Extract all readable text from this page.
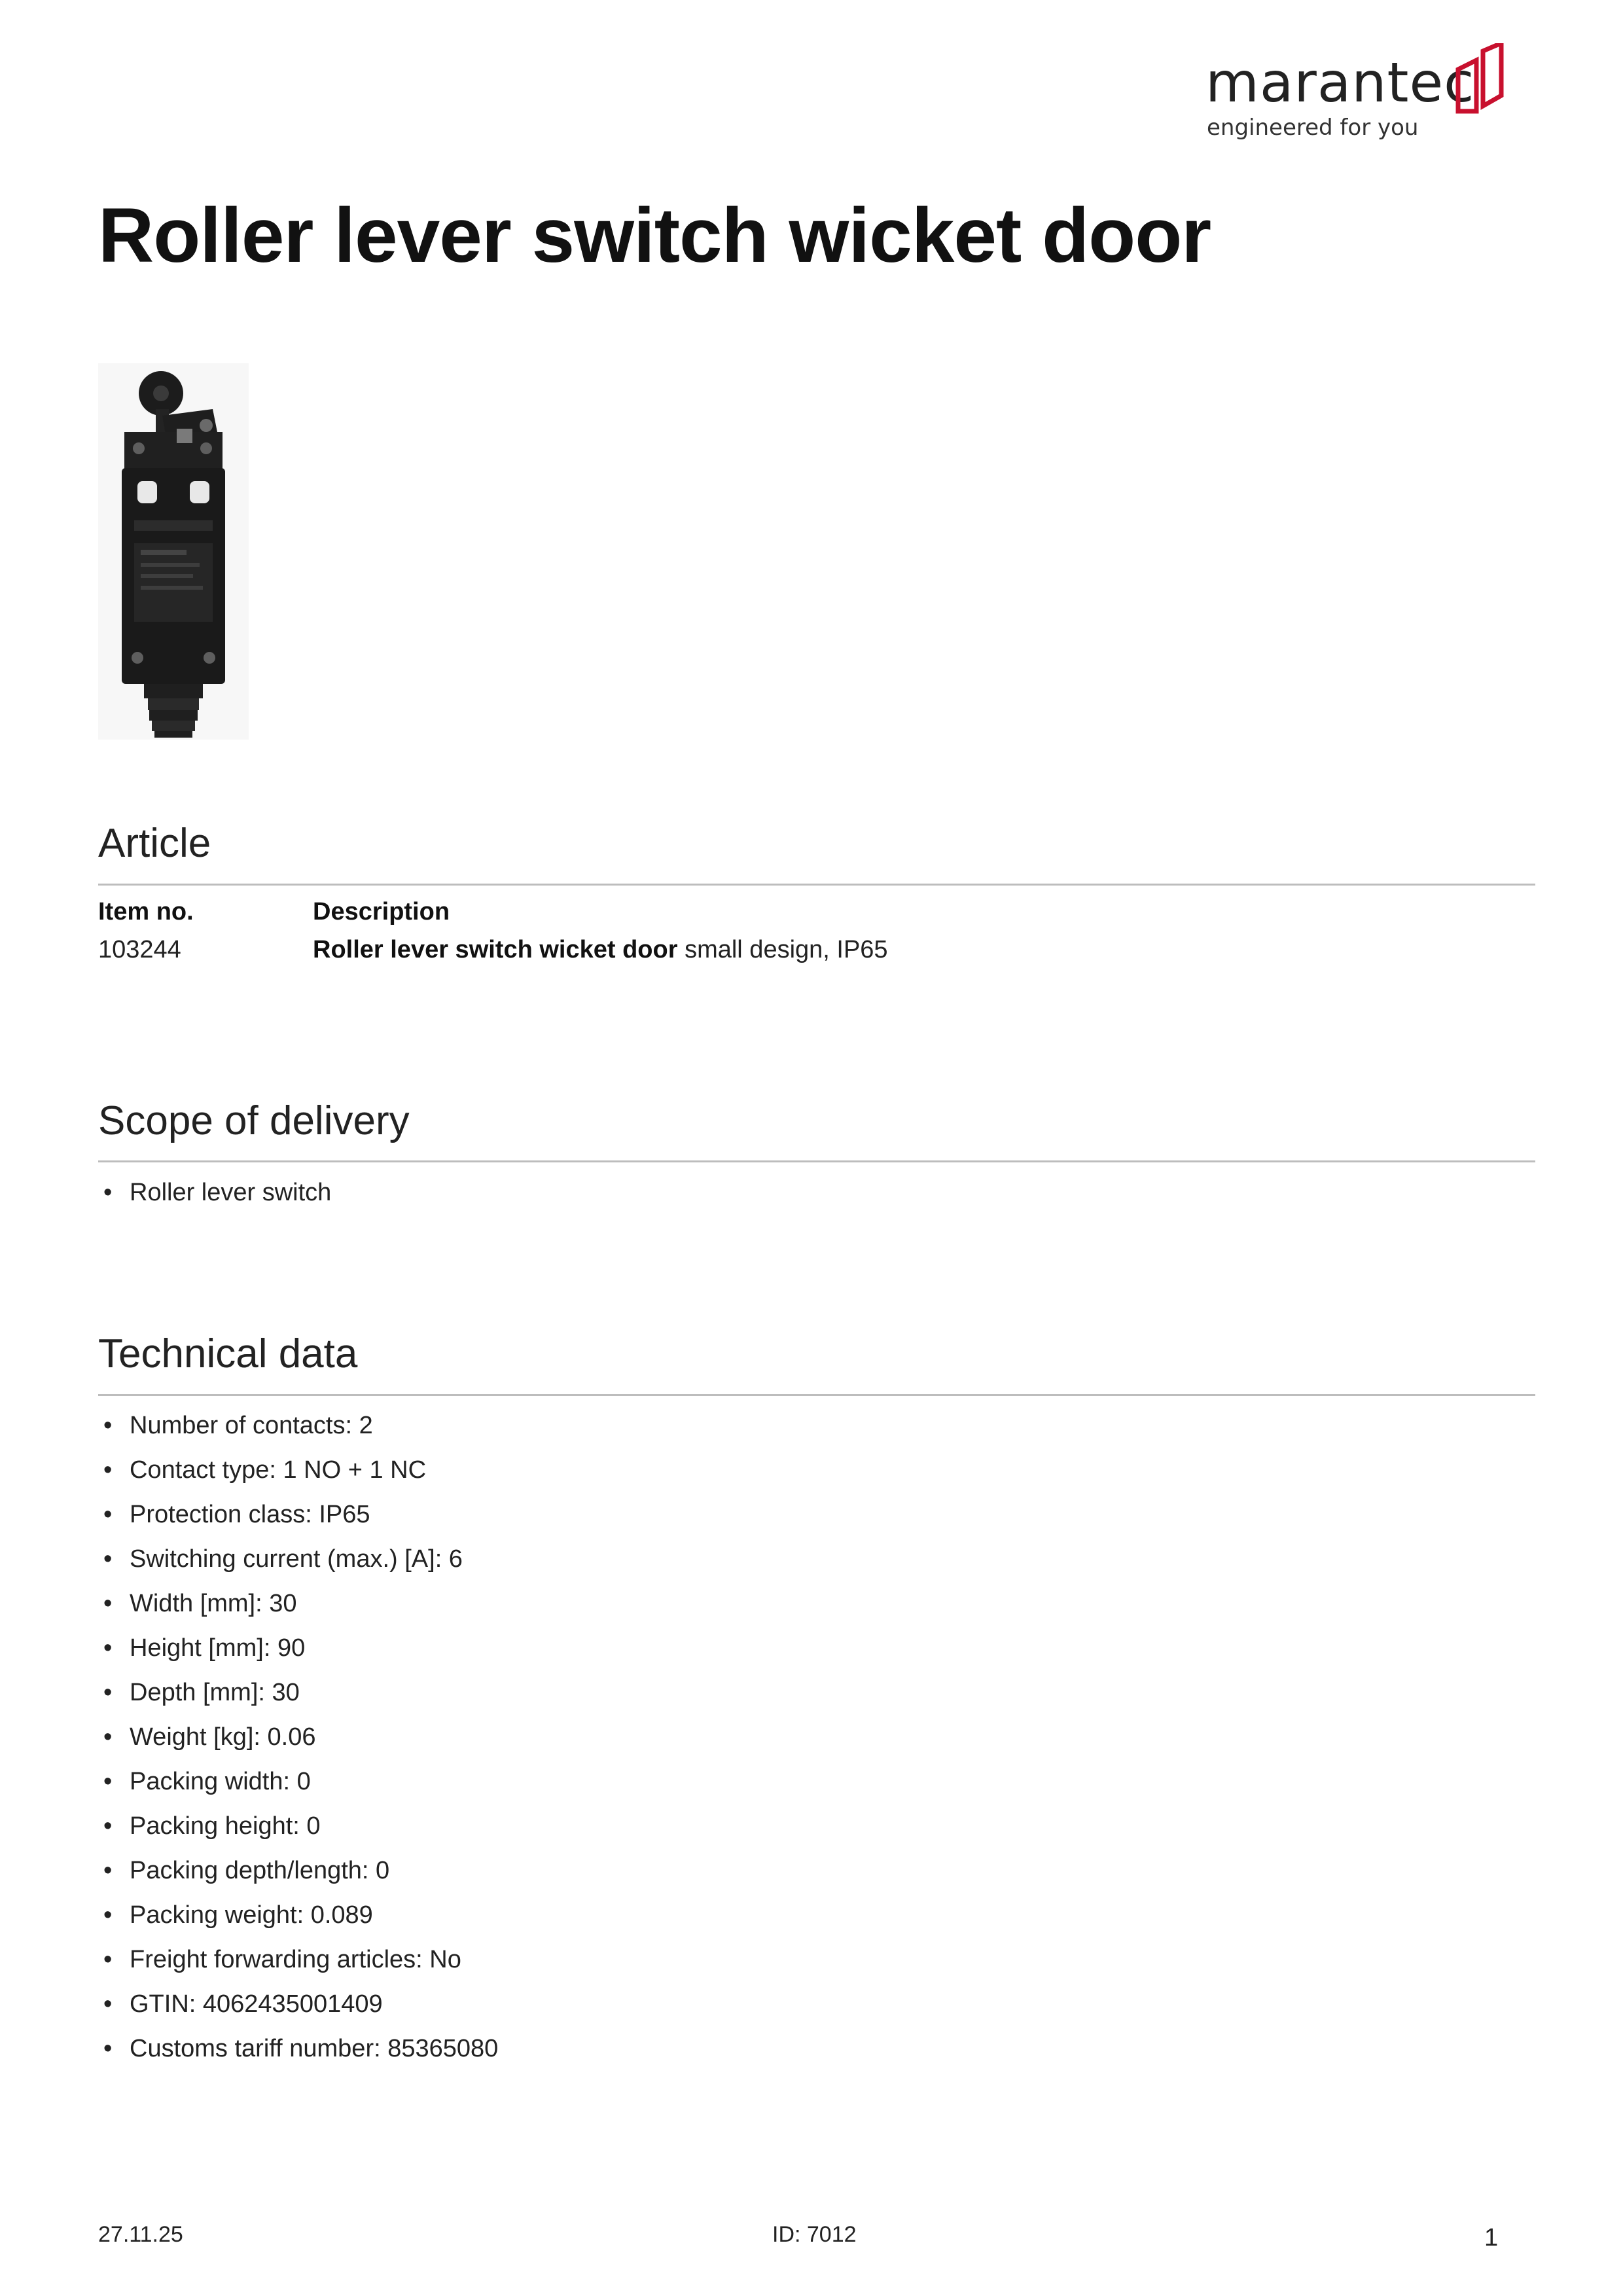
marantec
engineered for you
Roller lever switch wicket door
Article
Item no.	Description
103244	Roller lever switch wicket door small design, IP65
Scope of delivery
• Roller lever switch
Technical data
• Number of contacts: 2
• Contact type: 1 NO + 1 NC
• Protection class: IP65
• Switching current (max.) [A]: 6
• Width [mm]: 30
• Height [mm]: 90
• Depth [mm]: 30
• Weight [kg]: 0.06
• Packing width: 0
• Packing height: 0
• Packing depth/length: 0
• Packing weight: 0.089
• Freight forwarding articles: No
• GTIN: 4062435001409
• Customs tariff number: 85365080
27.11.25	ID: 7012	1
